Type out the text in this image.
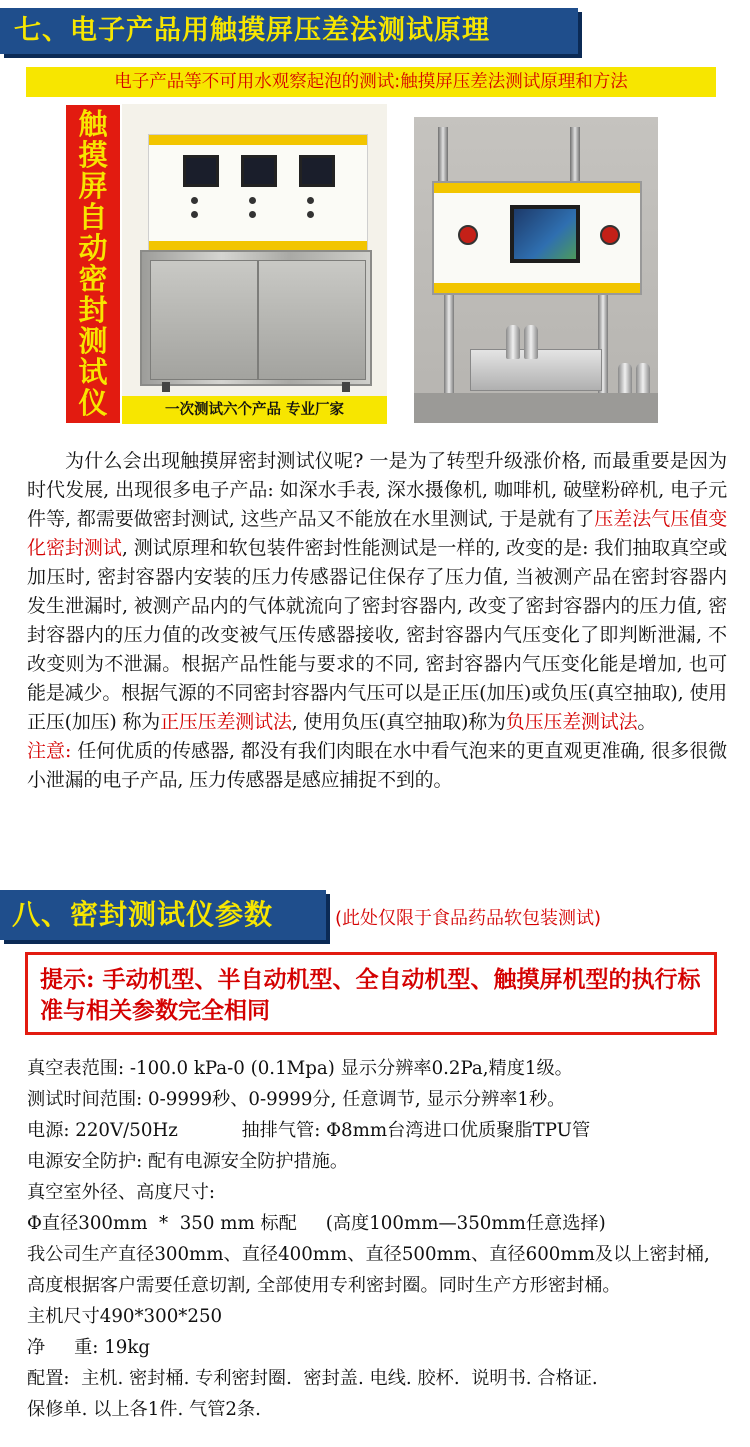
七、电子产品用触摸屏压差法测试原理
电子产品等不可用水观察起泡的测试:触摸屏压差法测试原理和方法
触
摸
屏
自
动
密
封
测
试
仪	一次测试六个产品 专业厂家

  为什么会出现触摸屏密封测试仪呢? 一是为了转型升级涨价格, 而最重要是因为时代发展, 出现很多电子产品: 如深水手表, 深水摄像机, 咖啡机, 破壁粉碎机, 电子元件等, 都需要做密封测试, 这些产品又不能放在水里测试, 于是就有了压差法气压值变化密封测试, 测试原理和软包装件密封性能测试是一样的, 改变的是: 我们抽取真空或加压时, 密封容器内安装的压力传感器记住保存了压力值, 当被测产品在密封容器内发生泄漏时, 被测产品内的气体就流向了密封容器内, 改变了密封容器内的压力值, 密封容器内的压力值的改变被气压传感器接收, 密封容器内气压变化了即判断泄漏, 不改变则为不泄漏。根据产品性能与要求的不同, 密封容器内气压变化能是增加, 也可能是减少。根据气源的不同密封容器内气压可以是正压(加压)或负压(真空抽取), 使用正压(加压) 称为正压压差测试法, 使用负压(真空抽取)称为负压压差测试法。

注意: 任何优质的传感器, 都没有我们肉眼在水中看气泡来的更直观更准确, 很多很微小泄漏的电子产品, 压力传感器是感应捕捉不到的。

八、密封测试仪参数	(此处仅限于食品药品软包装测试)
提示: 手动机型、半自动机型、全自动机型、触摸屏机型的执行标准与相关参数完全相同
真空表范围: -100.0 kPa-0 (0.1Mpa) 显示分辨率0.2Pa,精度1级。
测试时间范围: 0-9999秒、0-9999分, 任意调节, 显示分辨率1秒。
电源: 220V/50Hz           抽排气管: Φ8mm台湾进口优质聚脂TPU管
电源安全防护: 配有电源安全防护措施。
真空室外径、高度尺寸:
Φ直径300mm  *  350 mm 标配     (高度100mm—350mm任意选择)
我公司生产直径300mm、直径400mm、直径500mm、直径600mm及以上密封桶,
高度根据客户需要任意切割, 全部使用专利密封圈。同时生产方形密封桶。
主机尺寸490*300*250
净     重: 19kg
配置:  主机. 密封桶. 专利密封圈.  密封盖. 电线. 胶杯.  说明书. 合格证.
保修单. 以上各1件. 气管2条.
